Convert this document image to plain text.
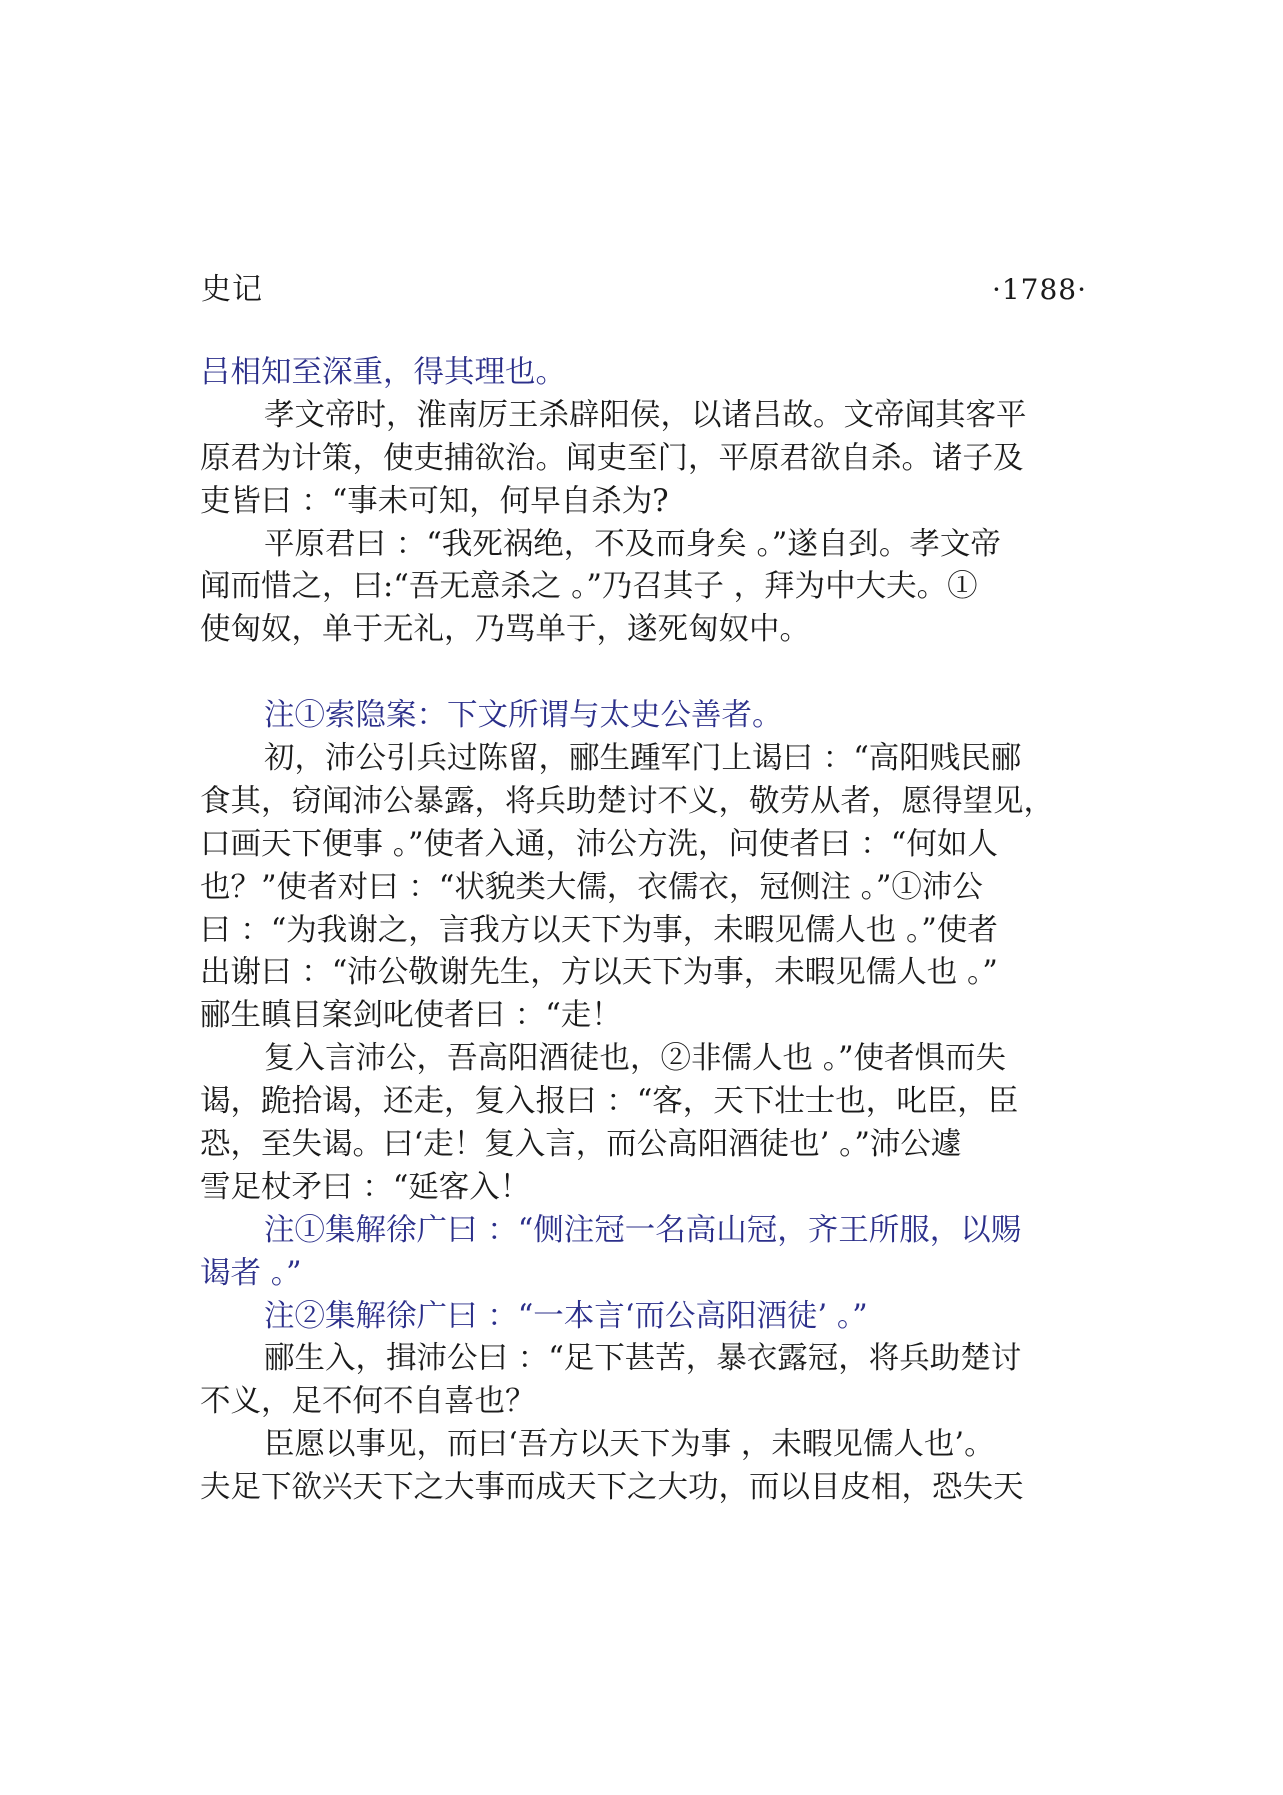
史记	·1788·
吕相知至深重，得其理也。
孝文帝时，淮南厉王杀辟阳侯，以诸吕故。文帝闻其客平
原君为计策，使吏捕欲治。闻吏至门，平原君欲自杀。诸子及
吏皆曰 ：“事未可知，何早自杀为?
平原君曰 ：“我死祸绝，不及而身矣 。”遂自刭。孝文帝
闻而惜之，曰:“吾无意杀之 。”乃召其子 ，拜为中大夫。①
使匈奴，单于无礼，乃骂单于，遂死匈奴中。
注①索隐案：下文所谓与太史公善者。
初，沛公引兵过陈留，郦生踵军门上谒曰 ：“高阳贱民郦
食其，窃闻沛公暴露，将兵助楚讨不义，敬劳从者，愿得望见，
口画天下便事 。”使者入通，沛公方洗，问使者曰 ：“何如人
也？”使者对曰 ：“状貌类大儒，衣儒衣，冠侧注 。”①沛公
曰 ：“为我谢之，言我方以天下为事，未暇见儒人也 。”使者
出谢曰 ：“沛公敬谢先生，方以天下为事，未暇见儒人也 。”
郦生瞋目案剑叱使者曰 ：“走！
复入言沛公，吾高阳酒徒也，②非儒人也 。”使者惧而失
谒，跪拾谒，还走，复入报曰 ：“客，天下壮士也，叱臣，臣
恐，至失谒。曰‘走！复入言，而公高阳酒徒也’ 。”沛公遽
雪足杖矛曰 ：“延客入！
注①集解徐广曰 ：“侧注冠一名高山冠，齐王所服，以赐
谒者 。”
注②集解徐广曰 ：“一本言‘而公高阳酒徒’ 。”
郦生入，揖沛公曰 ：“足下甚苦，暴衣露冠，将兵助楚讨
不义，足不何不自喜也？
臣愿以事见，而曰‘吾方以天下为事 ，未暇见儒人也’。
夫足下欲兴天下之大事而成天下之大功，而以目皮相，恐失天
